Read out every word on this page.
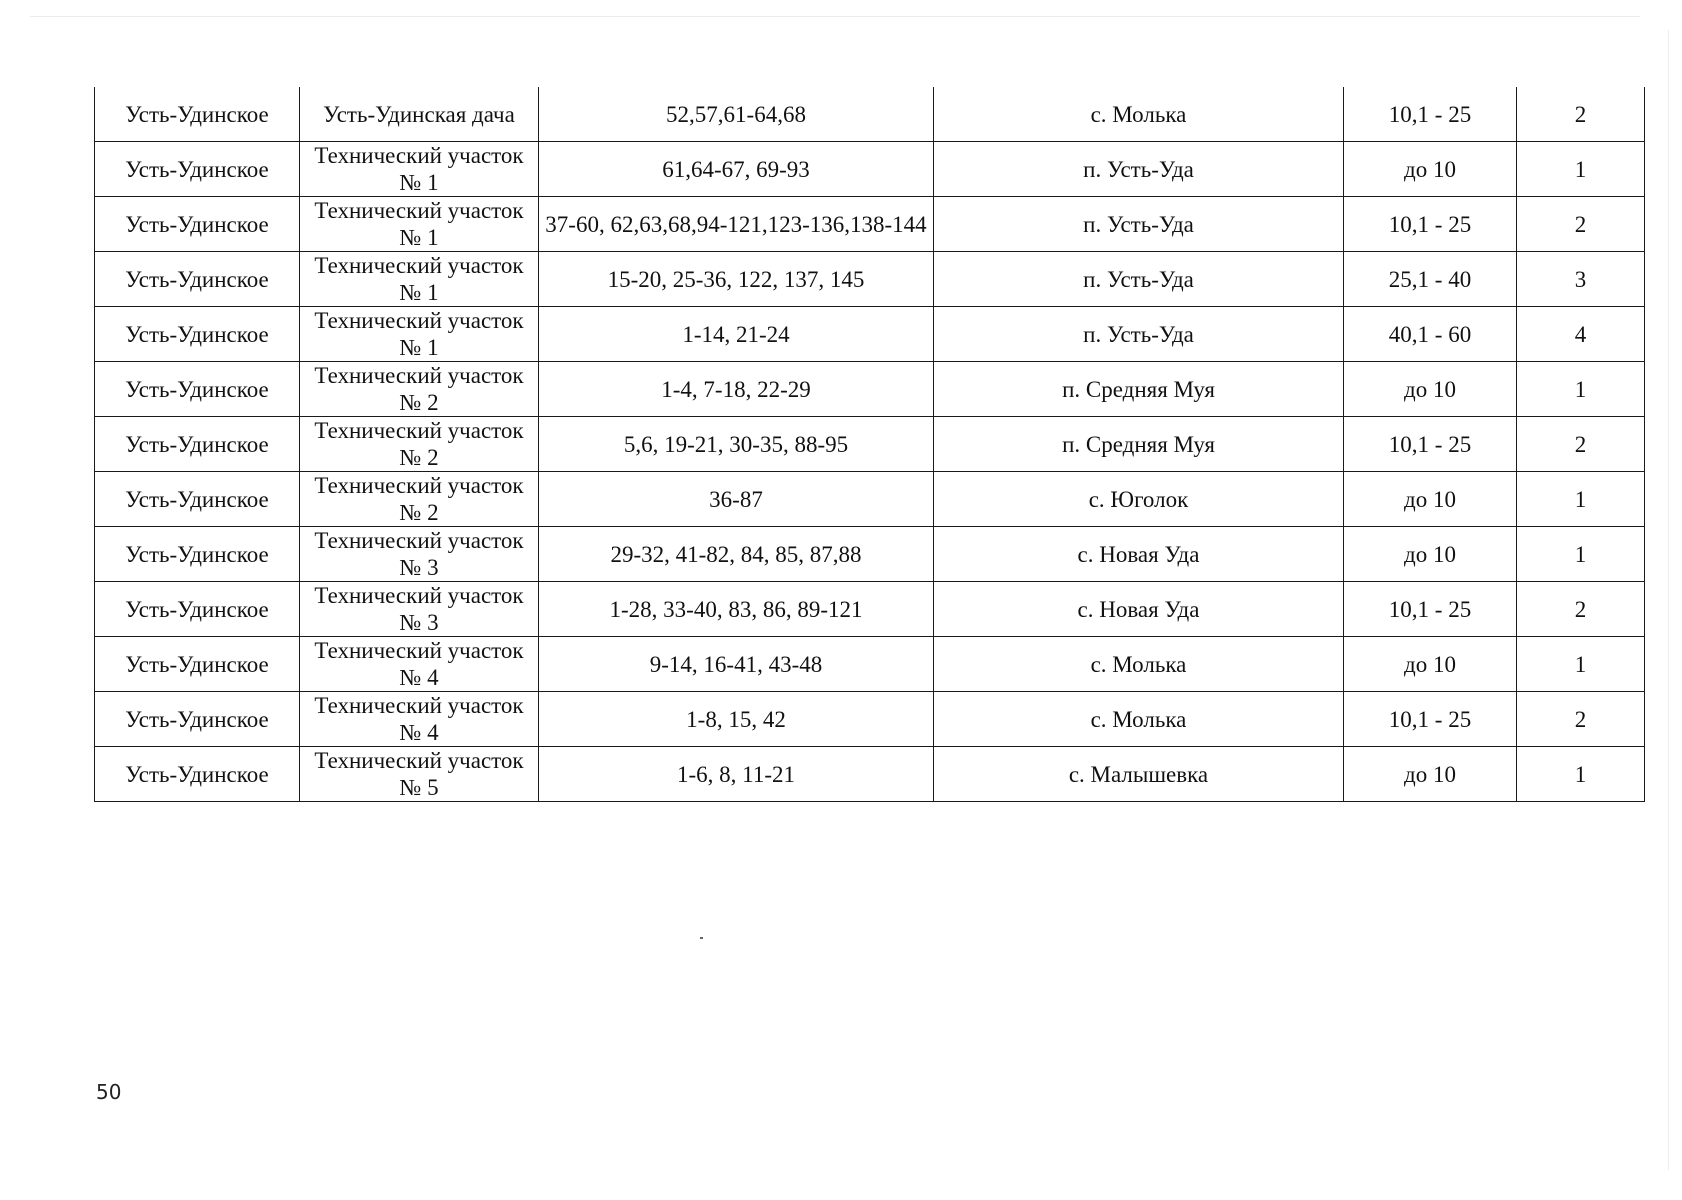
Усть-Удинское	Усть-Удинская дача	52,57,61-64,68	с. Молька	10,1 - 25	2
Усть-Удинское	Технический участок № 1	61,64-67, 69-93	п. Усть-Уда	до 10	1
Усть-Удинское	Технический участок № 1	37-60, 62,63,68,94-121,123-136,138-144	п. Усть-Уда	10,1 - 25	2
Усть-Удинское	Технический участок № 1	15-20, 25-36, 122, 137, 145	п. Усть-Уда	25,1 - 40	3
Усть-Удинское	Технический участок № 1	1-14, 21-24	п. Усть-Уда	40,1 - 60	4
Усть-Удинское	Технический участок № 2	1-4, 7-18, 22-29	п. Средняя Муя	до 10	1
Усть-Удинское	Технический участок № 2	5,6, 19-21, 30-35, 88-95	п. Средняя Муя	10,1 - 25	2
Усть-Удинское	Технический участок № 2	36-87	с. Юголок	до 10	1
Усть-Удинское	Технический участок № 3	29-32, 41-82, 84, 85, 87,88	с. Новая Уда	до 10	1
Усть-Удинское	Технический участок № 3	1-28, 33-40, 83, 86, 89-121	с. Новая Уда	10,1 - 25	2
Усть-Удинское	Технический участок № 4	9-14, 16-41, 43-48	с. Молька	до 10	1
Усть-Удинское	Технический участок № 4	1-8, 15, 42	с. Молька	10,1 - 25	2
Усть-Удинское	Технический участок № 5	1-6, 8, 11-21	с. Малышевка	до 10	1
50
